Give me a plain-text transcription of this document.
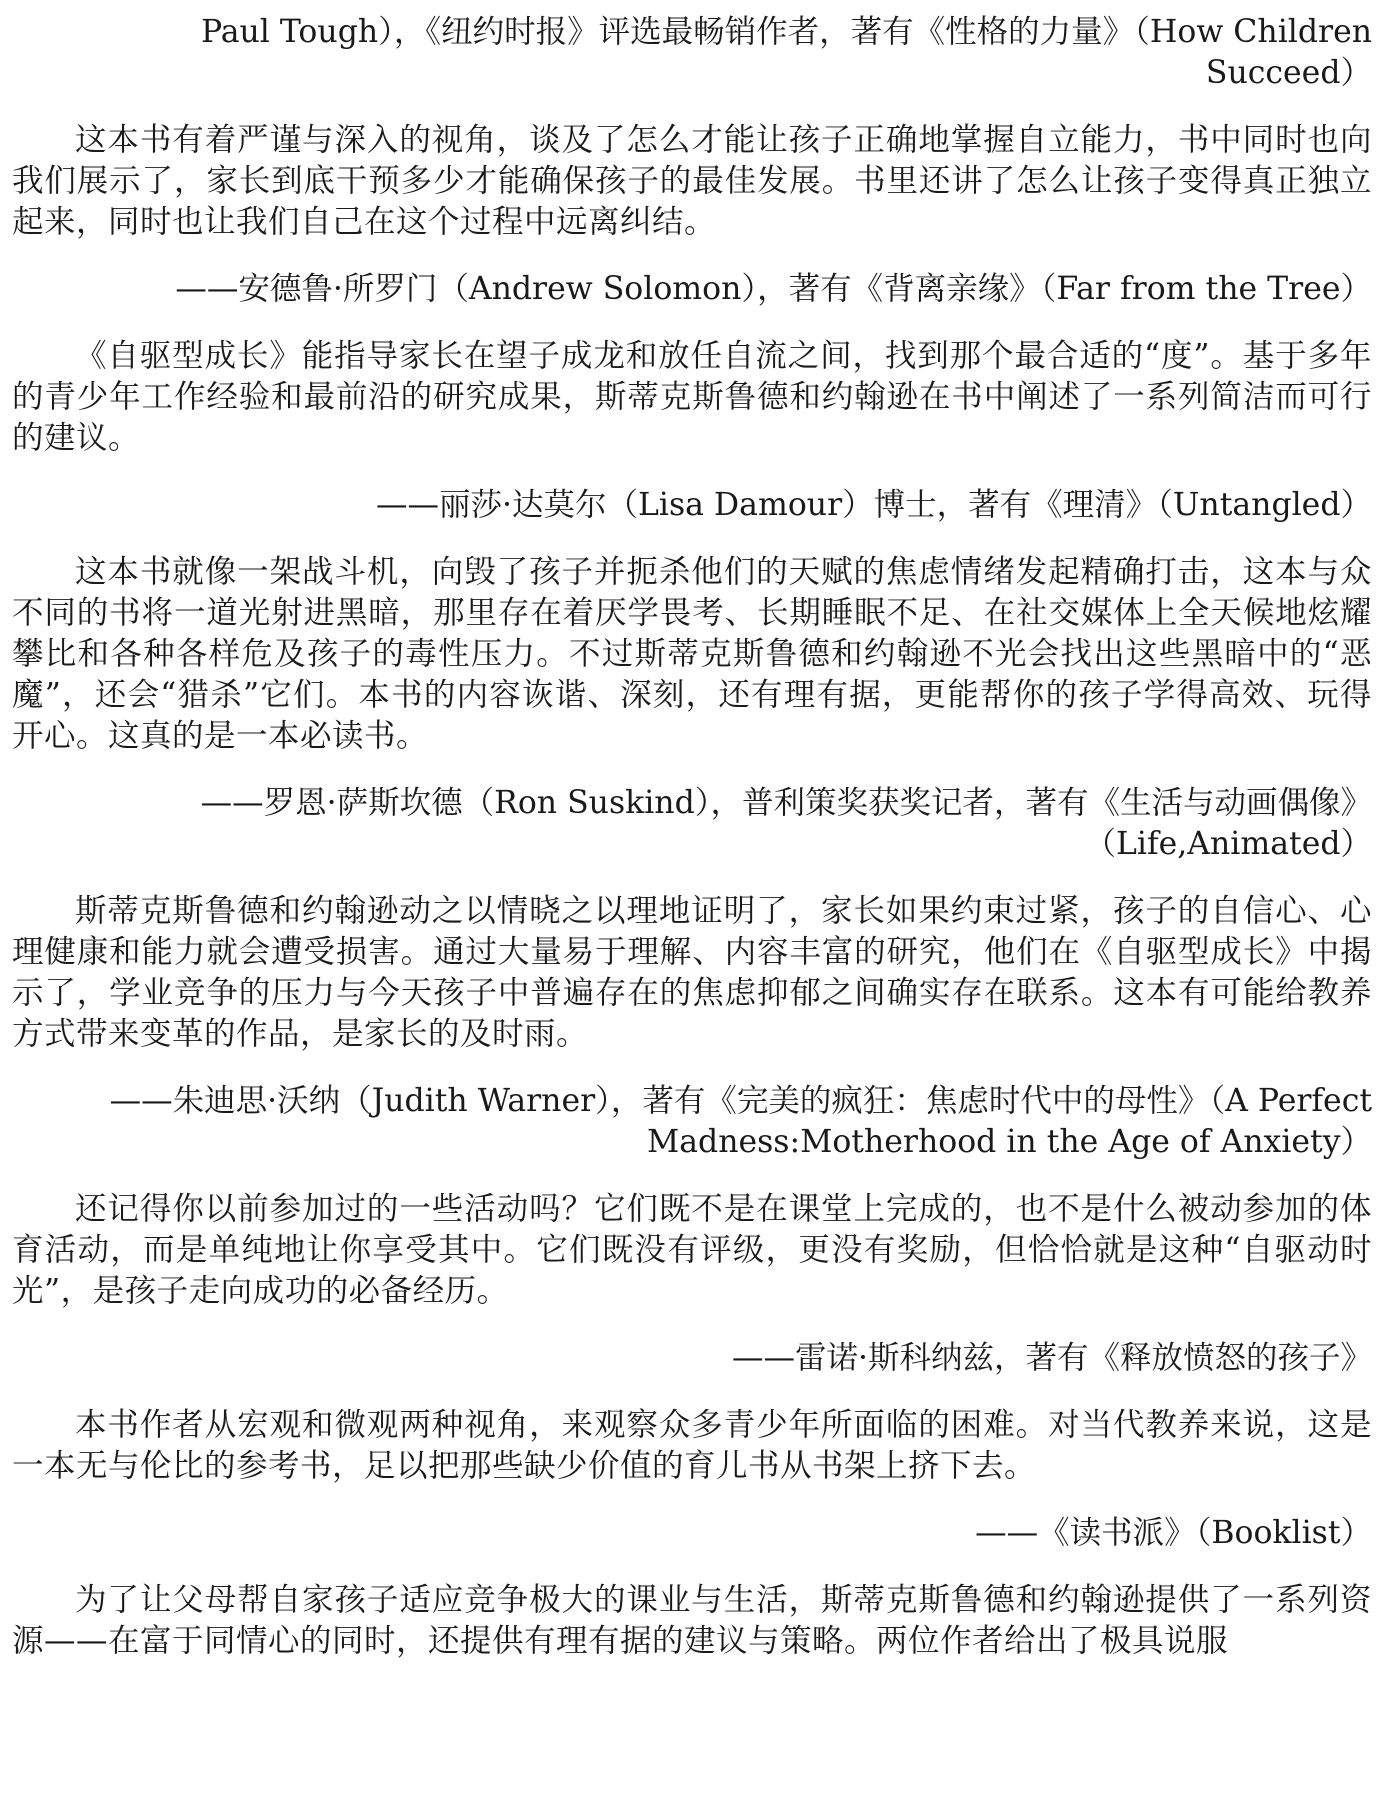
Paul Tough），《纽约时报》评选最畅销作者，著有《性格的力量》（How Children Succeed）

这本书有着严谨与深入的视角，谈及了怎么才能让孩子正确地掌握自立能力，书中同时也向我们展示了，家长到底干预多少才能确保孩子的最佳发展。书里还讲了怎么让孩子变得真正独立起来，同时也让我们自己在这个过程中远离纠结。

——安德鲁·所罗门（Andrew Solomon），著有《背离亲缘》（Far from the Tree）

《自驱型成长》能指导家长在望子成龙和放任自流之间，找到那个最合适的“度”。基于多年的青少年工作经验和最前沿的研究成果，斯蒂克斯鲁德和约翰逊在书中阐述了一系列简洁而可行的建议。

——丽莎·达莫尔（Lisa Damour）博士，著有《理清》（Untangled）

这本书就像一架战斗机，向毁了孩子并扼杀他们的天赋的焦虑情绪发起精确打击，这本与众不同的书将一道光射进黑暗，那里存在着厌学畏考、长期睡眠不足、在社交媒体上全天候地炫耀攀比和各种各样危及孩子的毒性压力。不过斯蒂克斯鲁德和约翰逊不光会找出这些黑暗中的“恶魔”，还会“猎杀”它们。本书的内容诙谐、深刻，还有理有据，更能帮你的孩子学得高效、玩得开心。这真的是一本必读书。

——罗恩·萨斯坎德（Ron Suskind），普利策奖获奖记者，著有《生活与动画偶像》（Life,Animated）

斯蒂克斯鲁德和约翰逊动之以情晓之以理地证明了，家长如果约束过紧，孩子的自信心、心理健康和能力就会遭受损害。通过大量易于理解、内容丰富的研究，他们在《自驱型成长》中揭示了，学业竞争的压力与今天孩子中普遍存在的焦虑抑郁之间确实存在联系。这本有可能给教养方式带来变革的作品，是家长的及时雨。

——朱迪思·沃纳（Judith Warner），著有《完美的疯狂：焦虑时代中的母性》（A Perfect Madness:Motherhood in the Age of Anxiety）

还记得你以前参加过的一些活动吗？它们既不是在课堂上完成的，也不是什么被动参加的体育活动，而是单纯地让你享受其中。它们既没有评级，更没有奖励，但恰恰就是这种“自驱动时光”，是孩子走向成功的必备经历。

——雷诺·斯科纳兹，著有《释放愤怒的孩子》

本书作者从宏观和微观两种视角，来观察众多青少年所面临的困难。对当代教养来说，这是一本无与伦比的参考书，足以把那些缺少价值的育儿书从书架上挤下去。

——《读书派》（Booklist）

为了让父母帮自家孩子适应竞争极大的课业与生活，斯蒂克斯鲁德和约翰逊提供了一系列资源——在富于同情心的同时，还提供有理有据的建议与策略。两位作者给出了极具说服
